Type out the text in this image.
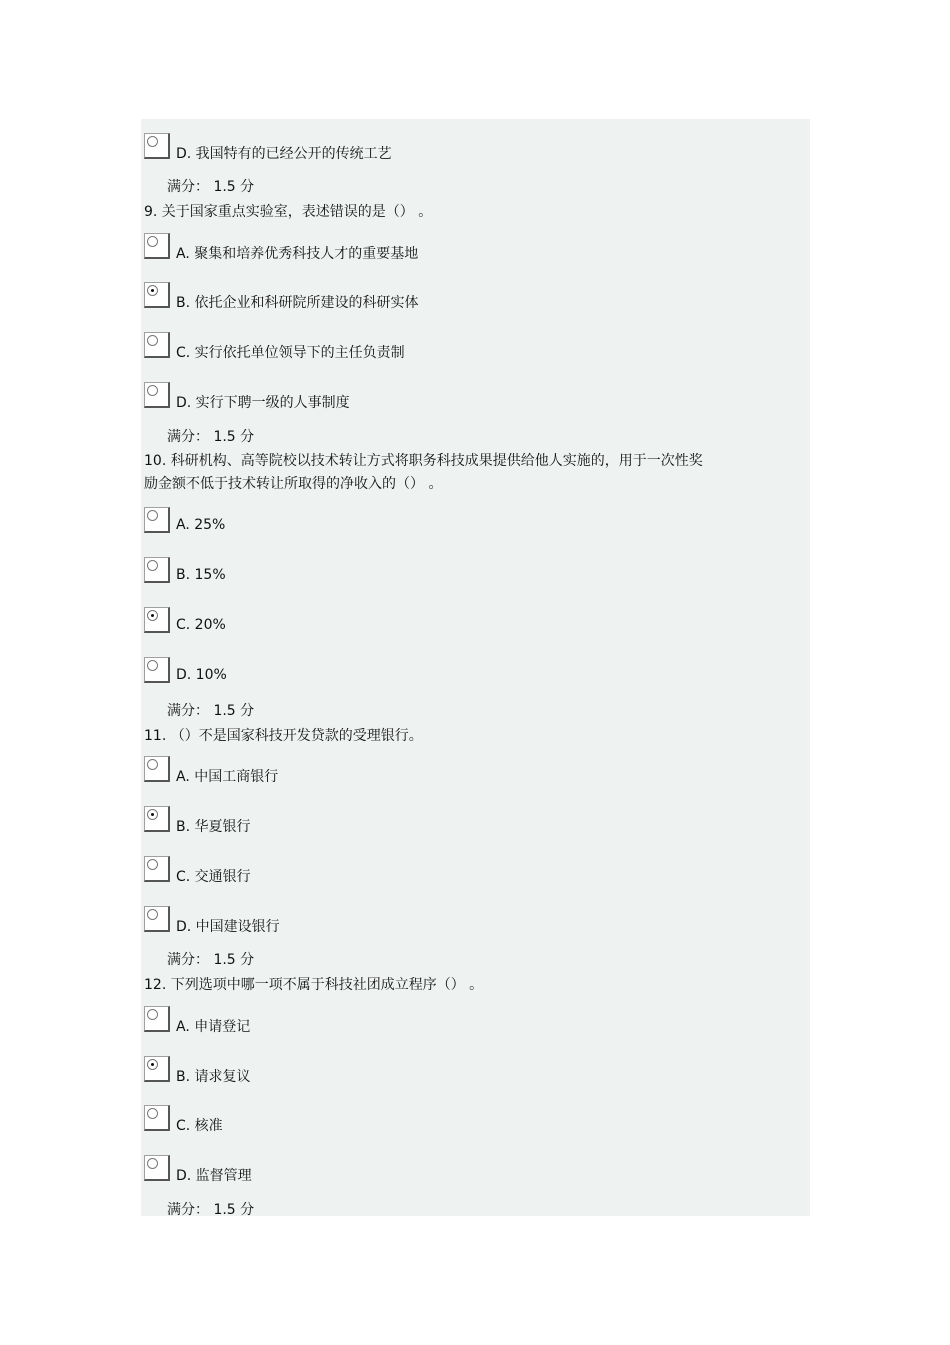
D. 我国特有的已经公开的传统工艺
满分： 1.5 分
9. 关于国家重点实验室，表述错误的是（） 。
A. 聚集和培养优秀科技人才的重要基地
B. 依托企业和科研院所建设的科研实体
C. 实行依托单位领导下的主任负责制
D. 实行下聘一级的人事制度
满分： 1.5 分
10. 科研机构、高等院校以技术转让方式将职务科技成果提供给他人实施的，用于一次性奖
励金额不低于技术转让所取得的净收入的（） 。
A. 25%
B. 15%
C. 20%
D. 10%
满分： 1.5 分
11. （）不是国家科技开发贷款的受理银行。
A. 中国工商银行
B. 华夏银行
C. 交通银行
D. 中国建设银行
满分： 1.5 分
12. 下列选项中哪一项不属于科技社团成立程序（） 。
A. 申请登记
B. 请求复议
C. 核准
D. 监督管理
满分： 1.5 分
